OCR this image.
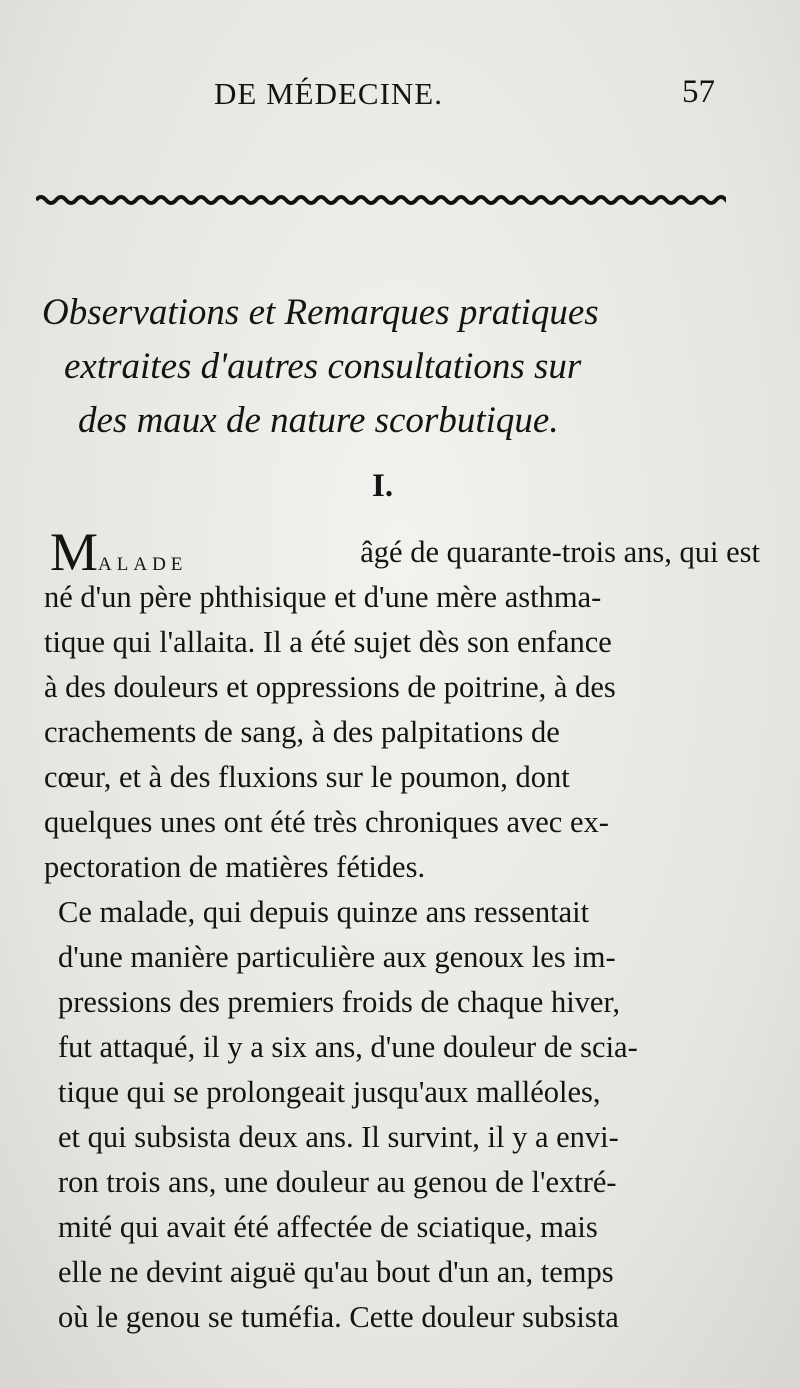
DE MÉDECINE.	57
Observations et Remarques pratiques
extraites d'autres consultations sur
des maux de nature scorbutique.
I.
MALADE	âgé de quarante-trois ans, qui est
né d'un père phthisique et d'une mère asthma-
tique qui l'allaita. Il a été sujet dès son enfance
à des douleurs et oppressions de poitrine, à des
crachements de sang, à des palpitations de
cœur, et à des fluxions sur le poumon, dont
quelques unes ont été très chroniques avec ex-
pectoration de matières fétides.
Ce malade, qui depuis quinze ans ressentait
d'une manière particulière aux genoux les im-
pressions des premiers froids de chaque hiver,
fut attaqué, il y a six ans, d'une douleur de scia-
tique qui se prolongeait jusqu'aux malléoles,
et qui subsista deux ans. Il survint, il y a envi-
ron trois ans, une douleur au genou de l'extré-
mité qui avait été affectée de sciatique, mais
elle ne devint aiguë qu'au bout d'un an, temps
où le genou se tuméfia. Cette douleur subsista
